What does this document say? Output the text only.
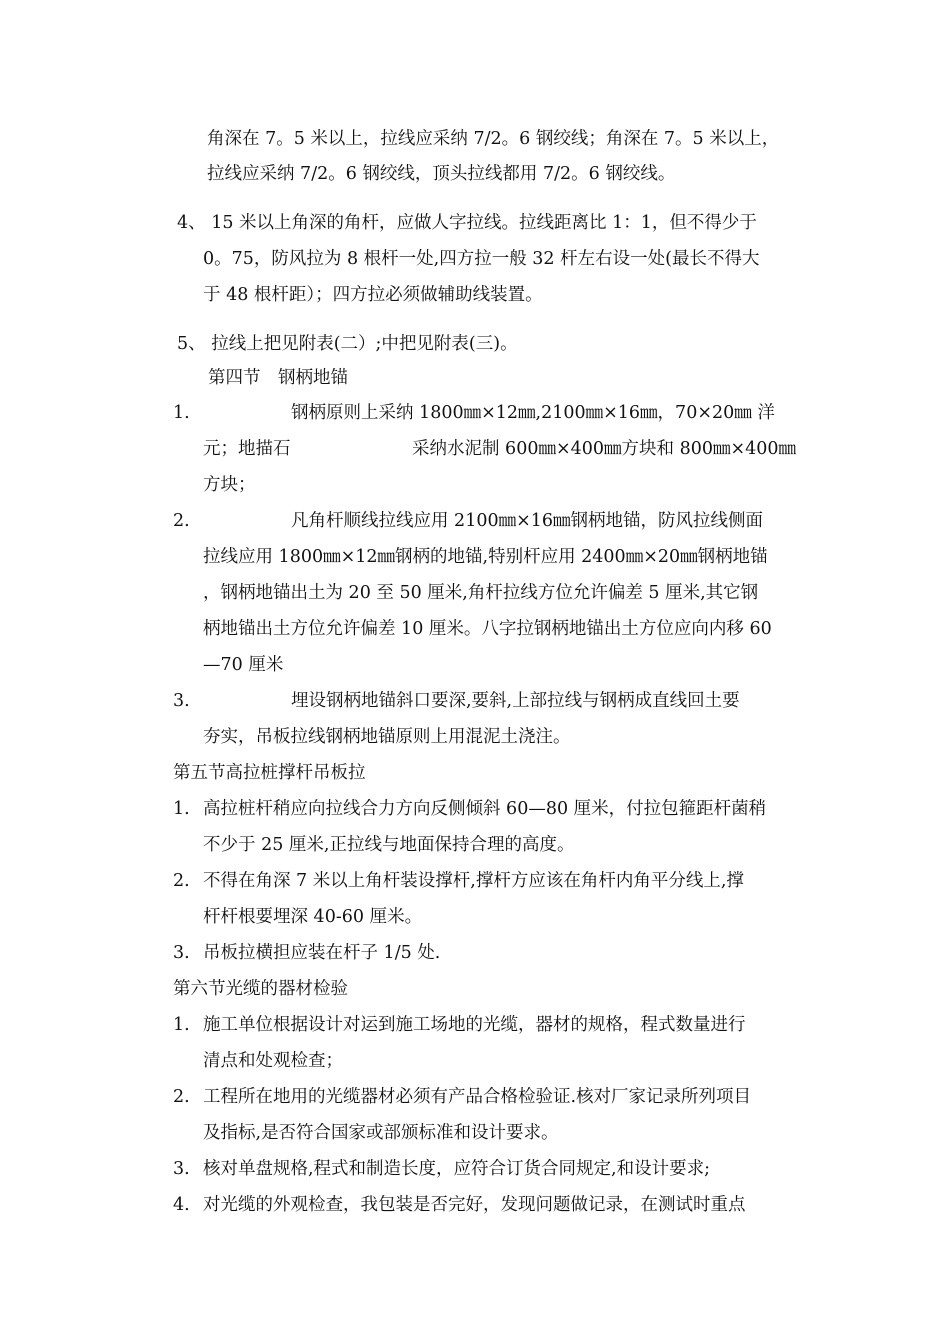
角深在 7。5 米以上，拉线应采纳 7/2。6 钢绞线；角深在 7。5 米以上，
拉线应采纳 7/2。6 钢绞线，顶头拉线都用 7/2。6 钢绞线。
4、 15 米以上角深的角杆，应做人字拉线。拉线距离比 1：1，但不得少于
0。75，防风拉为 8 根杆一处,四方拉一般 32 杆左右设一处(最长不得大
于 48 根杆距）；四方拉必须做辅助线装置。
5、 拉线上把见附表(二）;中把见附表(三)。
第四节　钢柄地锚
1.	钢柄原则上采纳 1800㎜×12㎜,2100㎜×16㎜，70×20㎜ 洋
元；地描石	采纳水泥制 600㎜×400㎜方块和 800㎜×400㎜
方块；
2.	凡角杆顺线拉线应用 2100㎜×16㎜钢柄地锚，防风拉线侧面
拉线应用 1800㎜×12㎜钢柄的地锚,特别杆应用 2400㎜×20㎜钢柄地锚
，钢柄地锚出土为 20 至 50 厘米,角杆拉线方位允许偏差 5 厘米,其它钢
柄地锚出土方位允许偏差 10 厘米。八字拉钢柄地锚出土方位应向内移 60
—70 厘米
3.	埋设钢柄地锚斜口要深,要斜,上部拉线与钢柄成直线回土要
夯实，吊板拉线钢柄地锚原则上用混泥土浇注。
第五节高拉桩撑杆吊板拉
1. 高拉桩杆稍应向拉线合力方向反侧倾斜 60—80 厘米，付拉包箍距杆菌稍
不少于 25 厘米,正拉线与地面保持合理的高度。
2. 不得在角深 7 米以上角杆装设撑杆,撑杆方应该在角杆内角平分线上,撑
杆杆根要埋深 40-60 厘米。
3. 吊板拉横担应装在杆子 1/5 处.
第六节光缆的器材检验
1. 施工单位根据设计对运到施工场地的光缆，器材的规格，程式数量进行
清点和处观检查；
2. 工程所在地用的光缆器材必须有产品合格检验证.核对厂家记录所列项目
及指标,是否符合国家或部颁标准和设计要求。
3. 核对单盘规格,程式和制造长度，应符合订货合同规定,和设计要求;
4. 对光缆的外观检查，我包装是否完好，发现问题做记录，在测试时重点
